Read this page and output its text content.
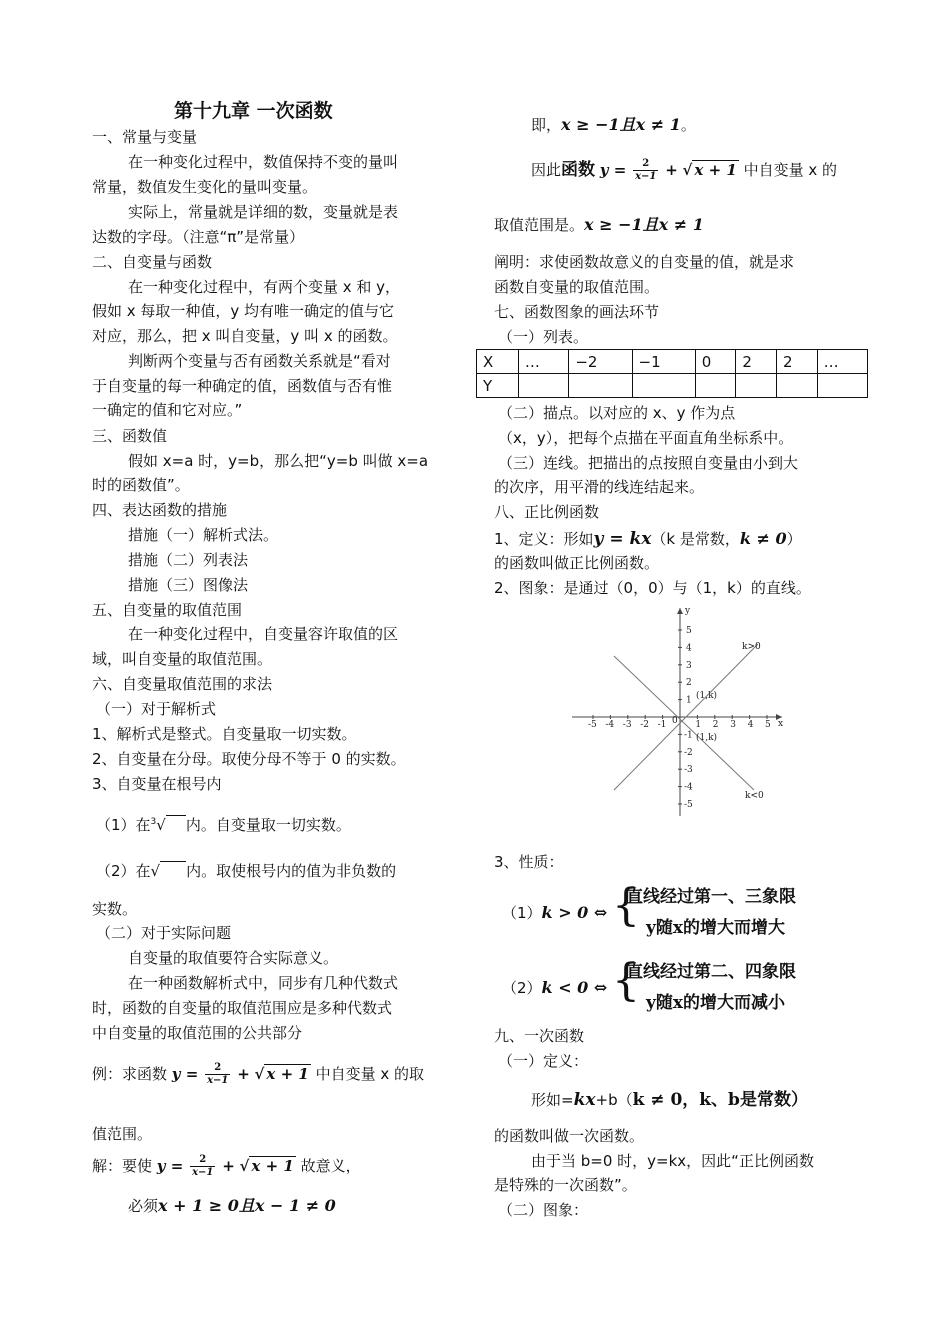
第十九章 一次函数
一、常量与变量
在一种变化过程中，数值保持不变的量叫
常量，数值发生变化的量叫变量。
实际上，常量就是详细的数，变量就是表
达数的字母。（注意“π”是常量）
二、自变量与函数
在一种变化过程中，有两个变量 x 和 y，
假如 x 每取一种值，y 均有唯一确定的值与它
对应，那么，把 x 叫自变量，y 叫 x 的函数。
判断两个变量与否有函数关系就是“看对
于自变量的每一种确定的值，函数值与否有惟
一确定的值和它对应。”
三、函数值
假如 x=a 时，y=b，那么把“y=b 叫做 x=a
时的函数值”。
四、表达函数的措施
措施（一）解析式法。
措施（二）列表法
措施（三）图像法
五、自变量的取值范围
在一种变化过程中，自变量容许取值的区
域，叫自变量的取值范围。
六、自变量取值范围的求法
（一）对于解析式
1、解析式是整式。自变量取一切实数。
2、自变量在分母。取使分母不等于 0 的实数。
3、自变量在根号内
（1）在$^3$√ 内。自变量取一切实数。
（2）在√ 内。取使根号内的值为非负数的
实数。
（二）对于实际问题
自变量的取值要符合实际意义。
在一种函数解析式中，同步有几种代数式
时，函数的自变量的取值范围应是多种代数式
中自变量的取值范围的公共部分
例：求函数 $y = \frac{2}{x-1}$ + √ x + 1 中自变量 x 的取
值范围。
解：要使 $y = \frac{2}{x-1}$ + √ x + 1 故意义，
必须x + 1 ≥ 0且x − 1 ≠ 0
即，x ≥ −1且x ≠ 1。
因此函数 $y = \frac{2}{x-1}$ + √ x + 1 中自变量 x 的
取值范围是。x ≥ −1且x ≠ 1
阐明：求使函数故意义的自变量的值，就是求
函数自变量的取值范围。
七、函数图象的画法环节
（一）列表。
X	…	−2	−1	0	2	2	…
Y							
（二）描点。以对应的 x、y 作为点
（x，y），把每个点描在平面直角坐标系中。
（三）连线。把描出的点按照自变量由小到大
的次序，用平滑的线连结起来。
八、正比例函数
1、定义：形如y = kx（k 是常数，k ≠ 0）
的函数叫做正比例函数。
2、图象：是通过（0，0）与（1，k）的直线。
-5 -4 -3 -2 -1	1 2 3 4 5
5
4
3
2
1
-1
-2
-3
-4
-5
0	x
y
(1,k)
(1,k)
k>0
k<0
3、性质：
（1）k > 0 ⇔ {
直线经过第一、三象限
y随x的增大而增大
（2）k < 0 ⇔ {
直线经过第二、四象限
y随x的增大而减小
九、一次函数
（一）定义：
形如=kx+b（k ≠ 0，k、b是常数）
的函数叫做一次函数。
由于当 b=0 时，y=kx，因此“正比例函数
是特殊的一次函数”。
（二）图象：
